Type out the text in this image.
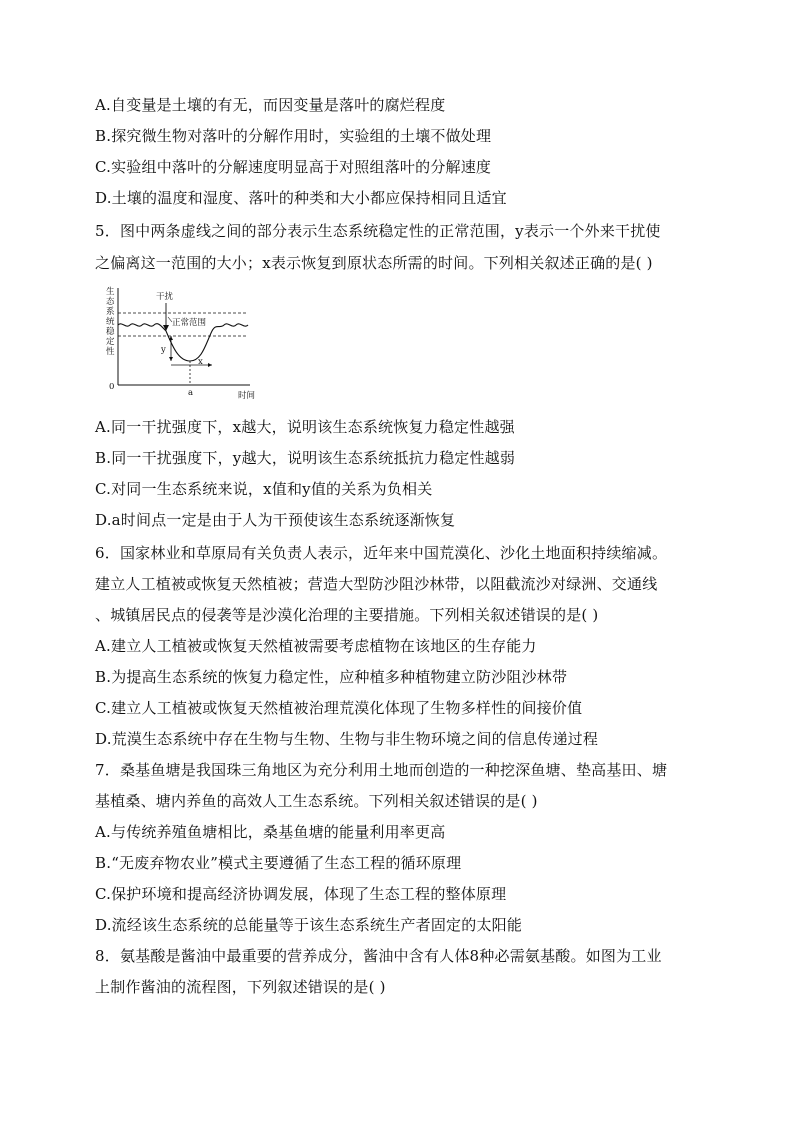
A.自变量是土壤的有无，而因变量是落叶的腐烂程度
B.探究微生物对落叶的分解作用时，实验组的土壤不做处理
C.实验组中落叶的分解速度明显高于对照组落叶的分解速度
D.土壤的温度和湿度、落叶的种类和大小都应保持相同且适宜
5．图中两条虚线之间的部分表示生态系统稳定性的正常范围，y表示一个外来干扰使
之偏离这一范围的大小；x表示恢复到原状态所需的时间。下列相关叙述正确的是( )
生
态
系
统
稳
定
性
0
时间
干扰
正常范围
y
x
a
A.同一干扰强度下，x越大，说明该生态系统恢复力稳定性越强
B.同一干扰强度下，y越大，说明该生态系统抵抗力稳定性越弱
C.对同一生态系统来说，x值和y值的关系为负相关
D.a时间点一定是由于人为干预使该生态系统逐渐恢复
6．国家林业和草原局有关负责人表示，近年来中国荒漠化、沙化土地面积持续缩减。
建立人工植被或恢复天然植被；营造大型防沙阻沙林带，以阻截流沙对绿洲、交通线
、城镇居民点的侵袭等是沙漠化治理的主要措施。下列相关叙述错误的是( )
A.建立人工植被或恢复天然植被需要考虑植物在该地区的生存能力
B.为提高生态系统的恢复力稳定性，应种植多种植物建立防沙阻沙林带
C.建立人工植被或恢复天然植被治理荒漠化体现了生物多样性的间接价值
D.荒漠生态系统中存在生物与生物、生物与非生物环境之间的信息传递过程
7．桑基鱼塘是我国珠三角地区为充分利用土地而创造的一种挖深鱼塘、垫高基田、塘
基植桑、塘内养鱼的高效人工生态系统。下列相关叙述错误的是( )
A.与传统养殖鱼塘相比，桑基鱼塘的能量利用率更高
B.“无废弃物农业”模式主要遵循了生态工程的循环原理
C.保护环境和提高经济协调发展，体现了生态工程的整体原理
D.流经该生态系统的总能量等于该生态系统生产者固定的太阳能
8．氨基酸是酱油中最重要的营养成分，酱油中含有人体8种必需氨基酸。如图为工业
上制作酱油的流程图，下列叙述错误的是( )
